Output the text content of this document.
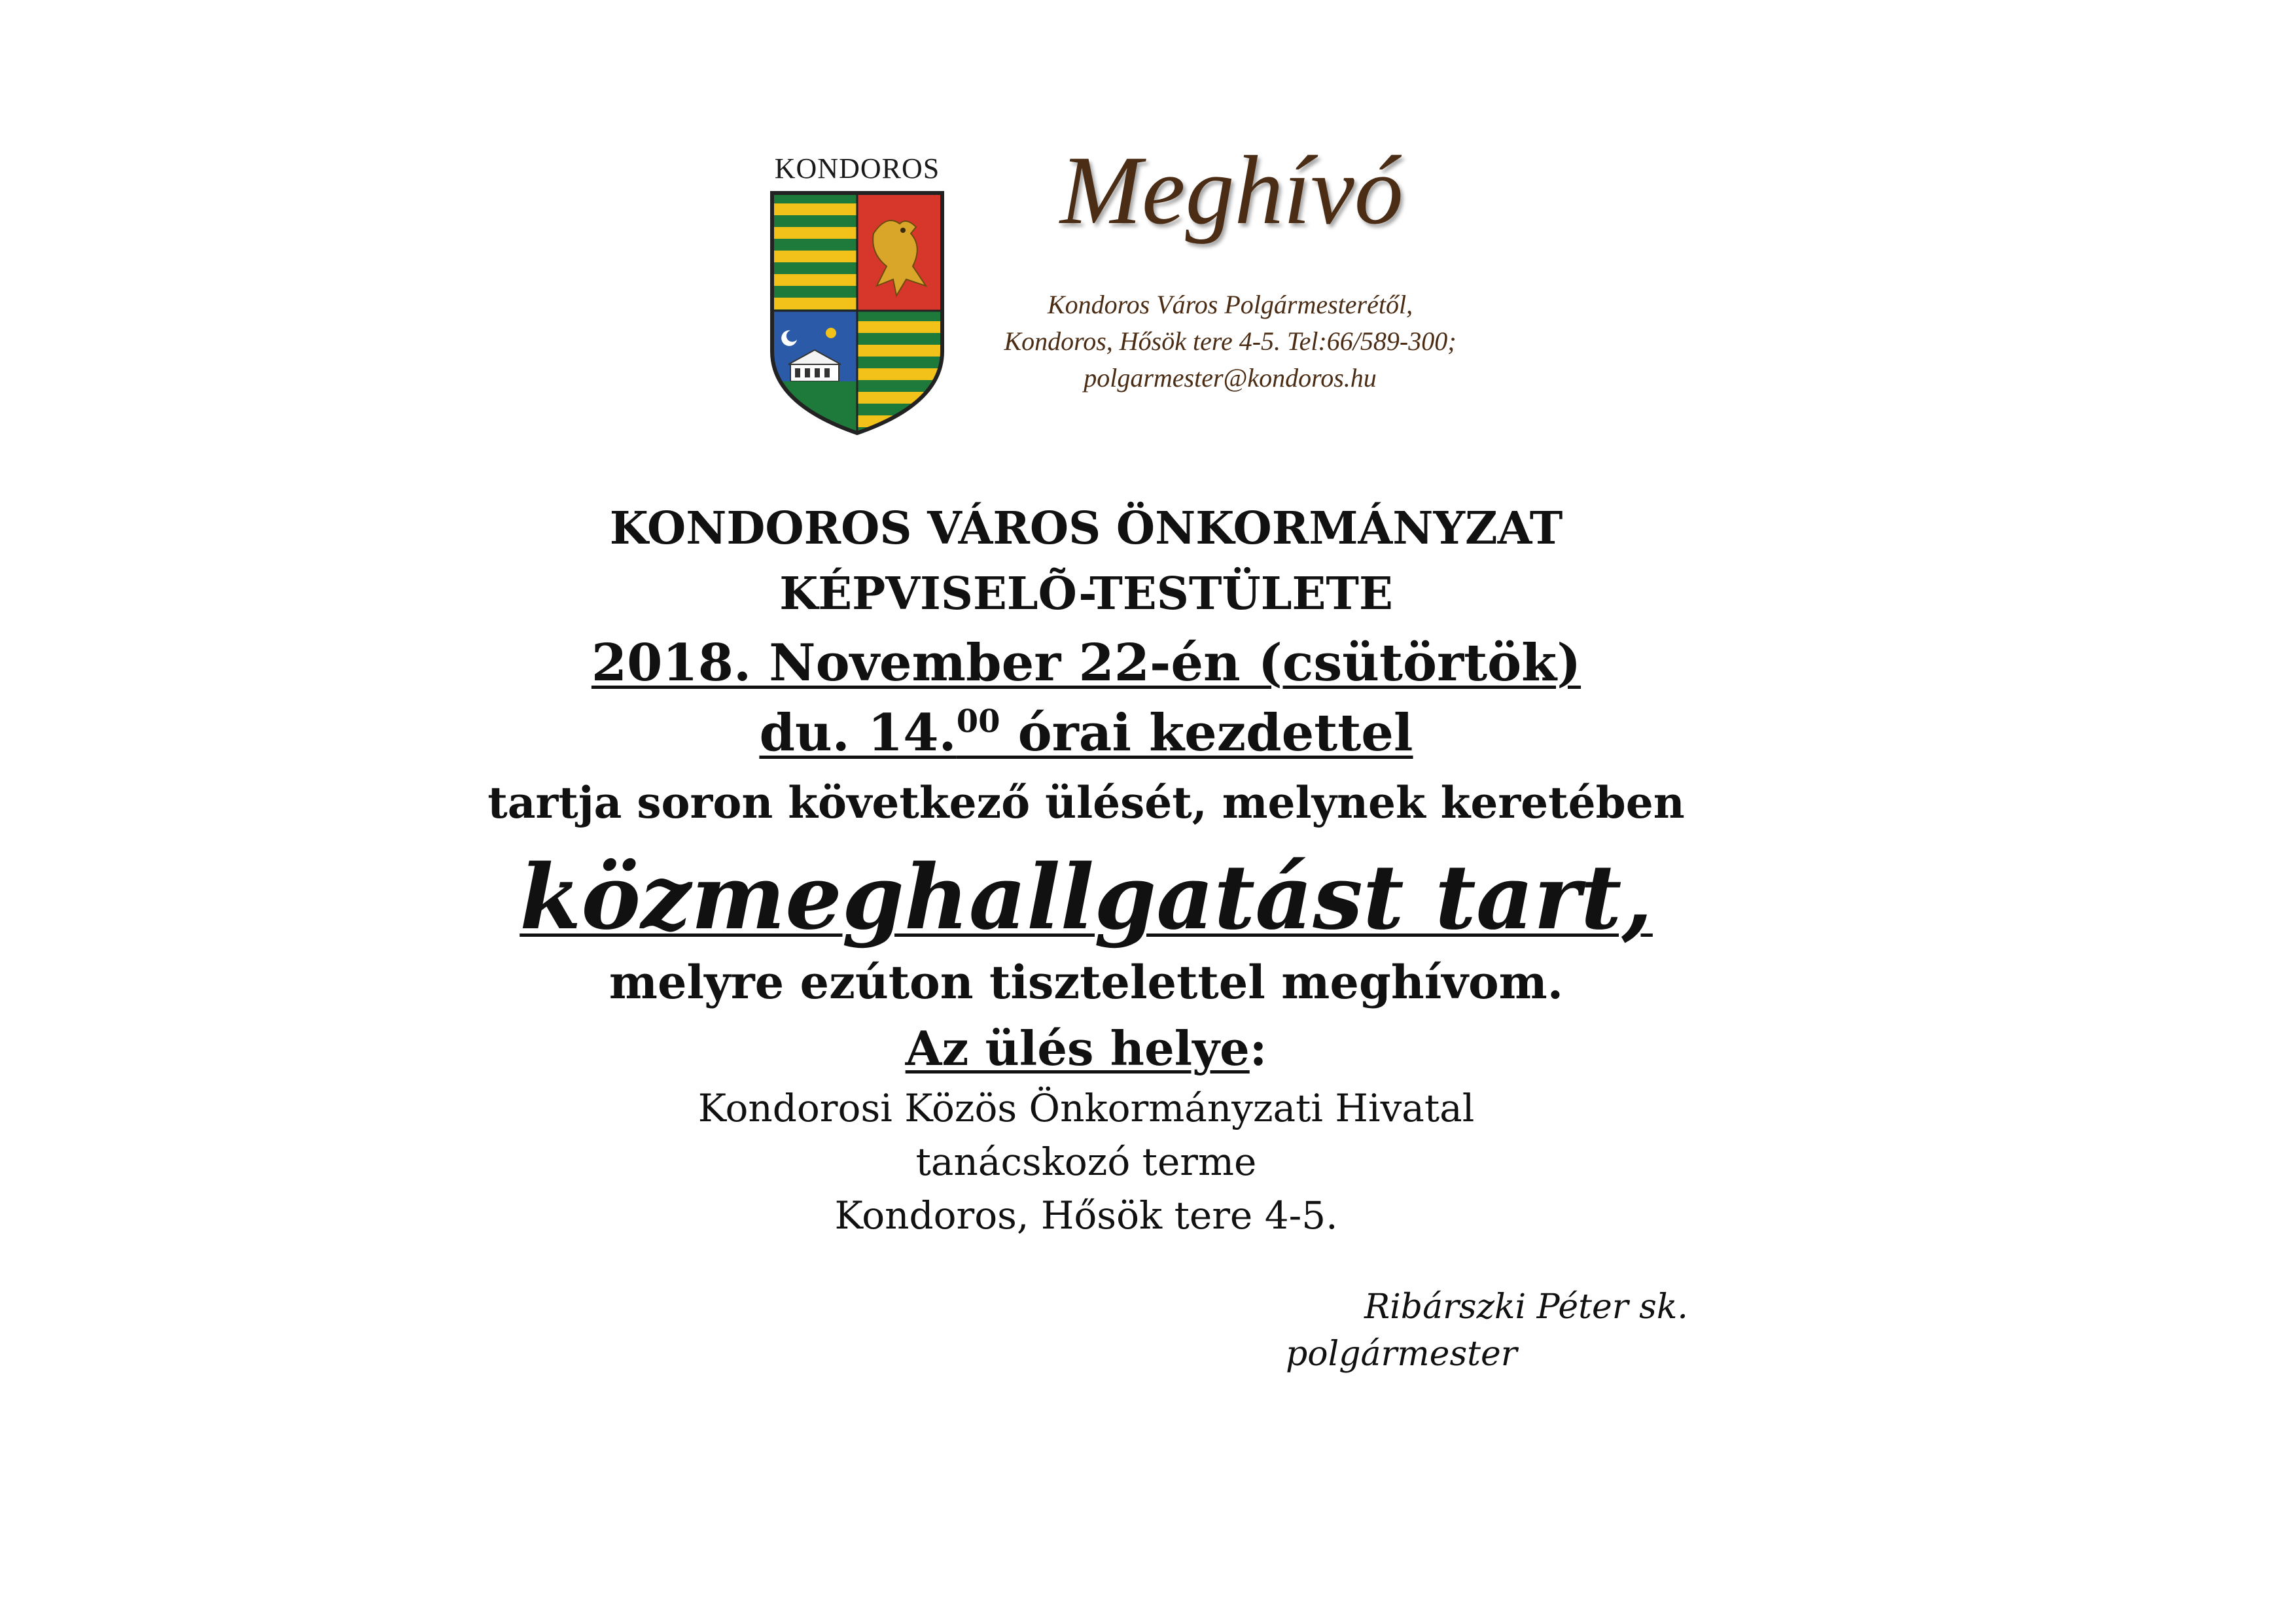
KONDOROS Meghívó
Kondoros Város Polgármesterétől,
Kondoros, Hősök tere 4-5. Tel:66/589-300;
polgarmester@kondoros.hu
KONDOROS VÁROS ÖNKORMÁNYZAT
KÉPVISELÕ-TESTÜLETE
2018. November 22-én (csütörtök)
du. 14.00 órai kezdettel
tartja soron következő ülését, melynek keretében
közmeghallgatást tart,
melyre ezúton tisztelettel meghívom.
Az ülés helye:
Kondorosi Közös Önkormányzati Hivatal
tanácskozó terme
Kondoros, Hősök tere 4-5.
Ribárszki Péter sk.
polgármester
